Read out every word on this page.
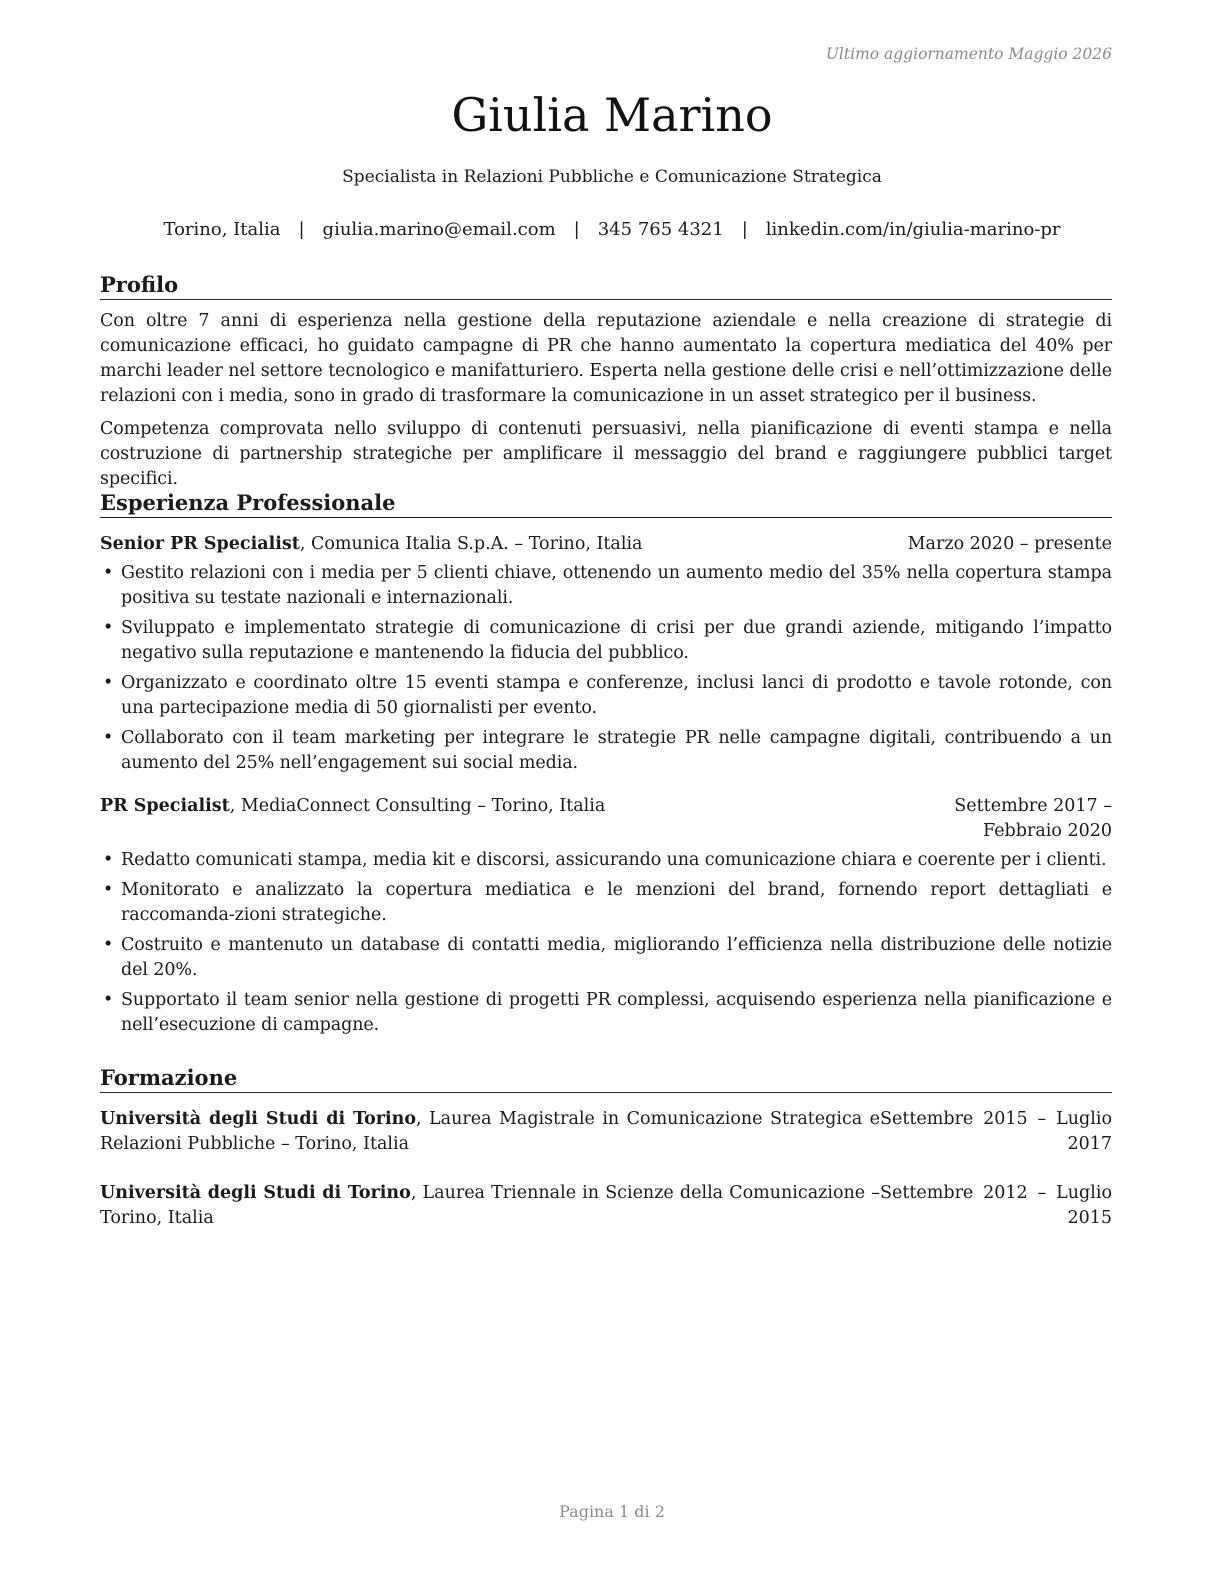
Ultimo aggiornamento Maggio 2026

Giulia Marino

Specialista in Relazioni Pubbliche e Comunicazione Strategica

Torino, Italia | giulia.marino@email.com | 345 765 4321 | linkedin.com/in/giulia-marino-pr
Profilo

Con oltre 7 anni di esperienza nella gestione della reputazione aziendale e nella creazione di strategie di comunicazione efficaci, ho guidato campagne di PR che hanno aumentato la copertura mediatica del 40% per marchi leader nel settore tecnologico e manifatturiero. Esperta nella gestione delle crisi e nell’ottimizzazione delle relazioni con i media, sono in grado di trasformare la comunicazione in un asset strategico per il business.

Competenza comprovata nello sviluppo di contenuti persuasivi, nella pianificazione di eventi stampa e nella costruzione di partnership strategiche per amplificare il messaggio del brand e raggiungere pubblici target specifici.

Esperienza Professionale
Senior PR Specialist, Comunica Italia S.p.A. – Torino, Italia	Marzo 2020 – presente
• Gestito relazioni con i media per 5 clienti chiave, ottenendo un aumento medio del 35% nella copertura stampa positiva su testate nazionali e internazionali.
• Sviluppato e implementato strategie di comunicazione di crisi per due grandi aziende, mitigando l’impatto negativo sulla reputazione e mantenendo la fiducia del pubblico.
• Organizzato e coordinato oltre 15 eventi stampa e conferenze, inclusi lanci di prodotto e tavole rotonde, con una partecipazione media di 50 giornalisti per evento.
• Collaborato con il team marketing per integrare le strategie PR nelle campagne digitali, contribuendo a un aumento del 25% nell’engagement sui social media.
PR Specialist, MediaConnect Consulting – Torino, Italia	Settembre 2017 – Febbraio 2020
• Redatto comunicati stampa, media kit e discorsi, assicurando una comunicazione chiara e coerente per i clienti.
• Monitorato e analizzato la copertura mediatica e le menzioni del brand, fornendo report dettagliati e raccomanda-zioni strategiche.
• Costruito e mantenuto un database di contatti media, migliorando l’efficienza nella distribuzione delle notizie del 20%.
• Supportato il team senior nella gestione di progetti PR complessi, acquisendo esperienza nella pianificazione e nell’esecuzione di campagne.
Formazione
Università degli Studi di Torino, Laurea Magistrale in Comunicazione Strategica e Relazioni Pubbliche – Torino, Italia
Settembre 2015 – Luglio
2017
Università degli Studi di Torino, Laurea Triennale in Scienze della Comunicazione – Torino, Italia
Settembre 2012 – Luglio
2015

Pagina 1 di 2
